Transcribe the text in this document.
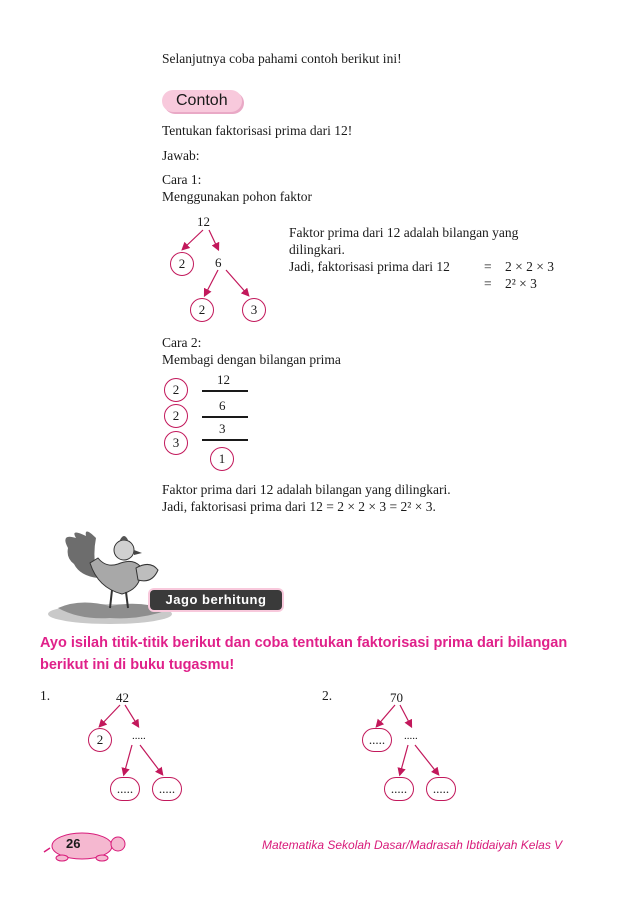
Selanjutnya coba pahami contoh berikut ini!
Contoh
Tentukan faktorisasi prima dari 12!
Jawab:
Cara 1:
Menggunakan pohon faktor
12
2	6
2	3
Faktor prima dari 12 adalah bilangan yang
dilingkari.
Jadi, faktorisasi prima dari 12	= 2 × 2 × 3
= 2² × 3
Cara 2:
Membagi dengan bilangan prima
2
2
3
12
6
3
1
Faktor prima dari 12 adalah bilangan yang dilingkari.
Jadi, faktorisasi prima dari 12 = 2 × 2 × 3 = 2² × 3.
Jago berhitung
Ayo isilah titik-titik berikut dan coba tentukan faktorisasi prima dari bilangan
berikut ini di buku tugasmu!
1.	42
2	.....
.....	.....
2.	70
.....	.....
.....	.....
26	Matematika Sekolah Dasar/Madrasah Ibtidaiyah Kelas V
